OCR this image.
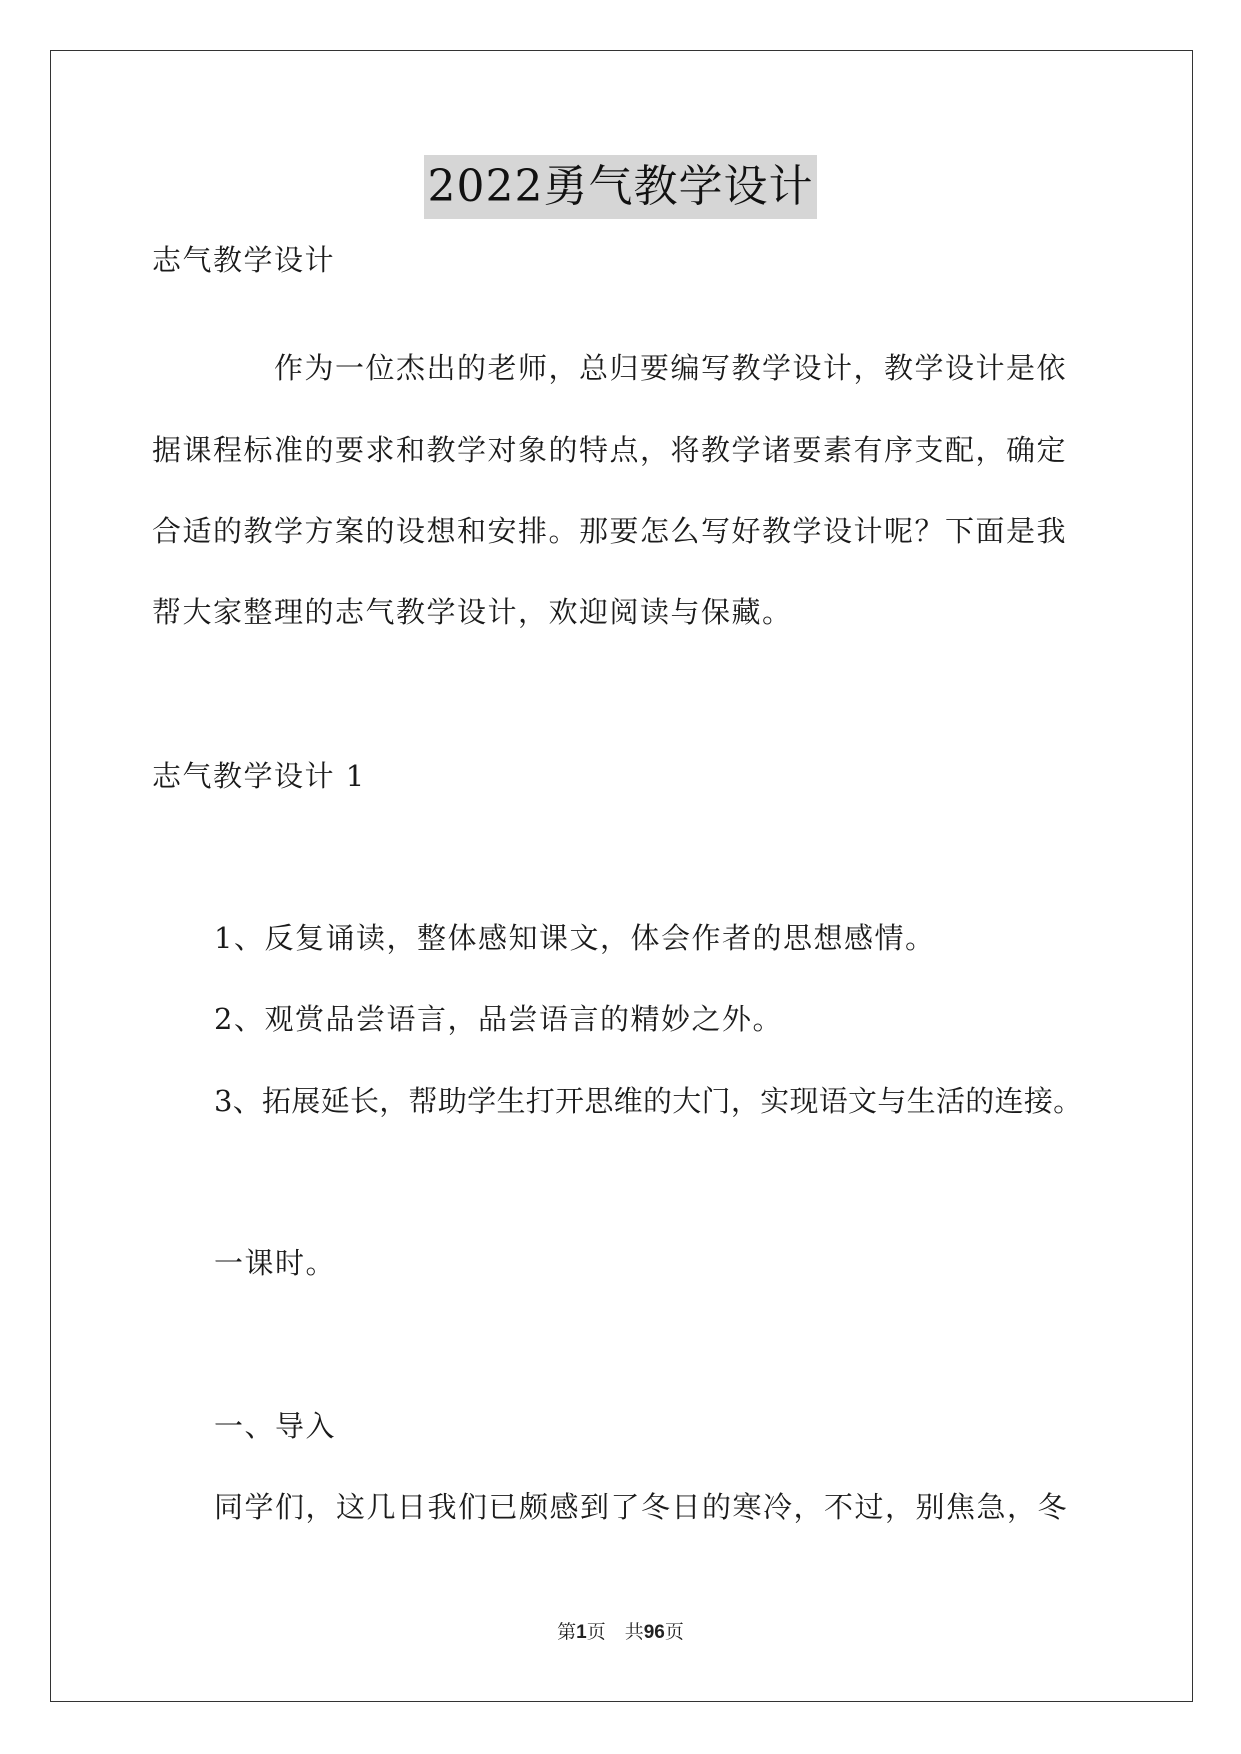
2022勇气教学设计
志气教学设计
作为一位杰出的老师，总归要编写教学设计，教学设计是依
据课程标准的要求和教学对象的特点，将教学诸要素有序支配，确定
合适的教学方案的设想和安排。那要怎么写好教学设计呢？下面是我
帮大家整理的志气教学设计，欢迎阅读与保藏。
志气教学设计 1
1、反复诵读，整体感知课文，体会作者的思想感情。
2、观赏品尝语言，品尝语言的精妙之外。
3、拓展延长，帮助学生打开思维的大门，实现语文与生活的连接。
一课时。
一、导入
同学们，这几日我们已颇感到了冬日的寒冷，不过，别焦急，冬
第1页　共96页
